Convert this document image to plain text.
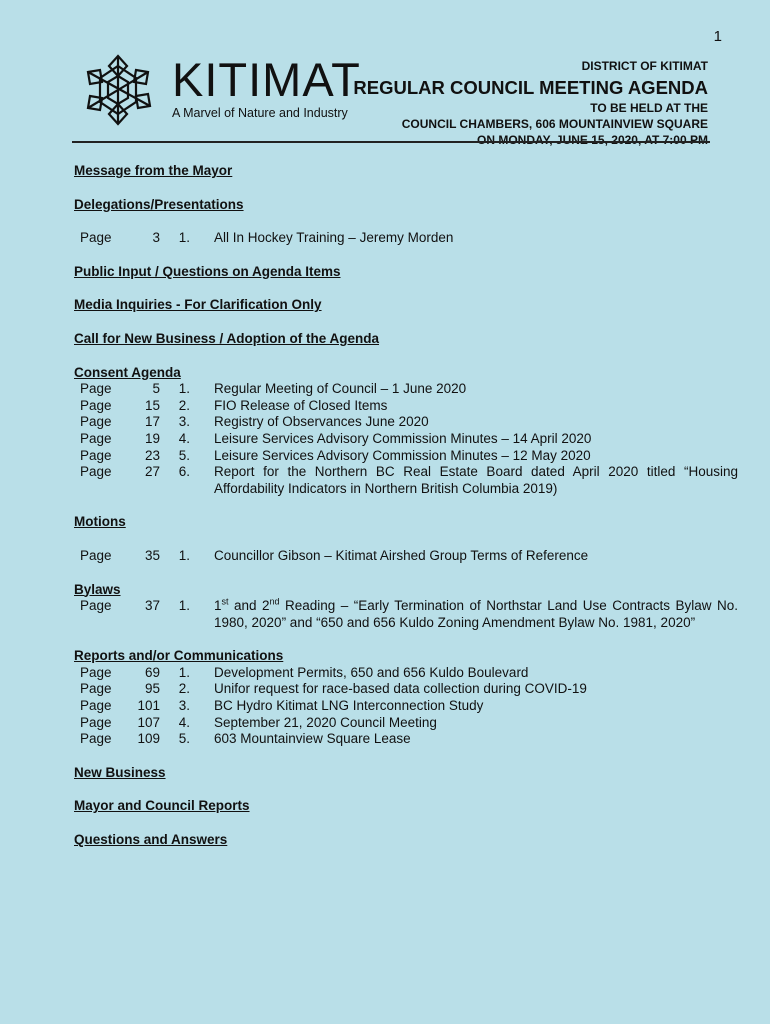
1
KITIMAT
A Marvel of Nature and Industry
DISTRICT OF KITIMAT
REGULAR COUNCIL MEETING AGENDA
TO BE HELD AT THE
COUNCIL CHAMBERS, 606 MOUNTAINVIEW SQUARE
ON MONDAY, JUNE 15, 2020, AT 7:00 PM

Message from the Mayor

Delegations/Presentations

Page	3	1.	All In Hockey Training – Jeremy Morden

Public Input / Questions on Agenda Items

Media Inquiries - For Clarification Only

Call for New Business / Adoption of the Agenda

Consent Agenda

Page	5	1.	Regular Meeting of Council – 1 June 2020
Page	15	2.	FIO Release of Closed Items
Page	17	3.	Registry of Observances June 2020
Page	19	4.	Leisure Services Advisory Commission Minutes – 14 April 2020
Page	23	5.	Leisure Services Advisory Commission Minutes – 12 May 2020
Page	27	6.	Report for the Northern BC Real Estate Board dated April 2020 titled “Housing Affordability Indicators in Northern British Columbia 2019)

Motions

Page	35	1.	Councillor Gibson – Kitimat Airshed Group Terms of Reference

Bylaws

Page	37	1.	1st and 2nd Reading – “Early Termination of Northstar Land Use Contracts Bylaw No. 1980, 2020” and “650 and 656 Kuldo Zoning Amendment Bylaw No. 1981, 2020”

Reports and/or Communications

Page	69	1.	Development Permits, 650 and 656 Kuldo Boulevard
Page	95	2.	Unifor request for race-based data collection during COVID-19
Page	101	3.	BC Hydro Kitimat LNG Interconnection Study
Page	107	4.	September 21, 2020 Council Meeting
Page	109	5.	603 Mountainview Square Lease

New Business

Mayor and Council Reports

Questions and Answers
